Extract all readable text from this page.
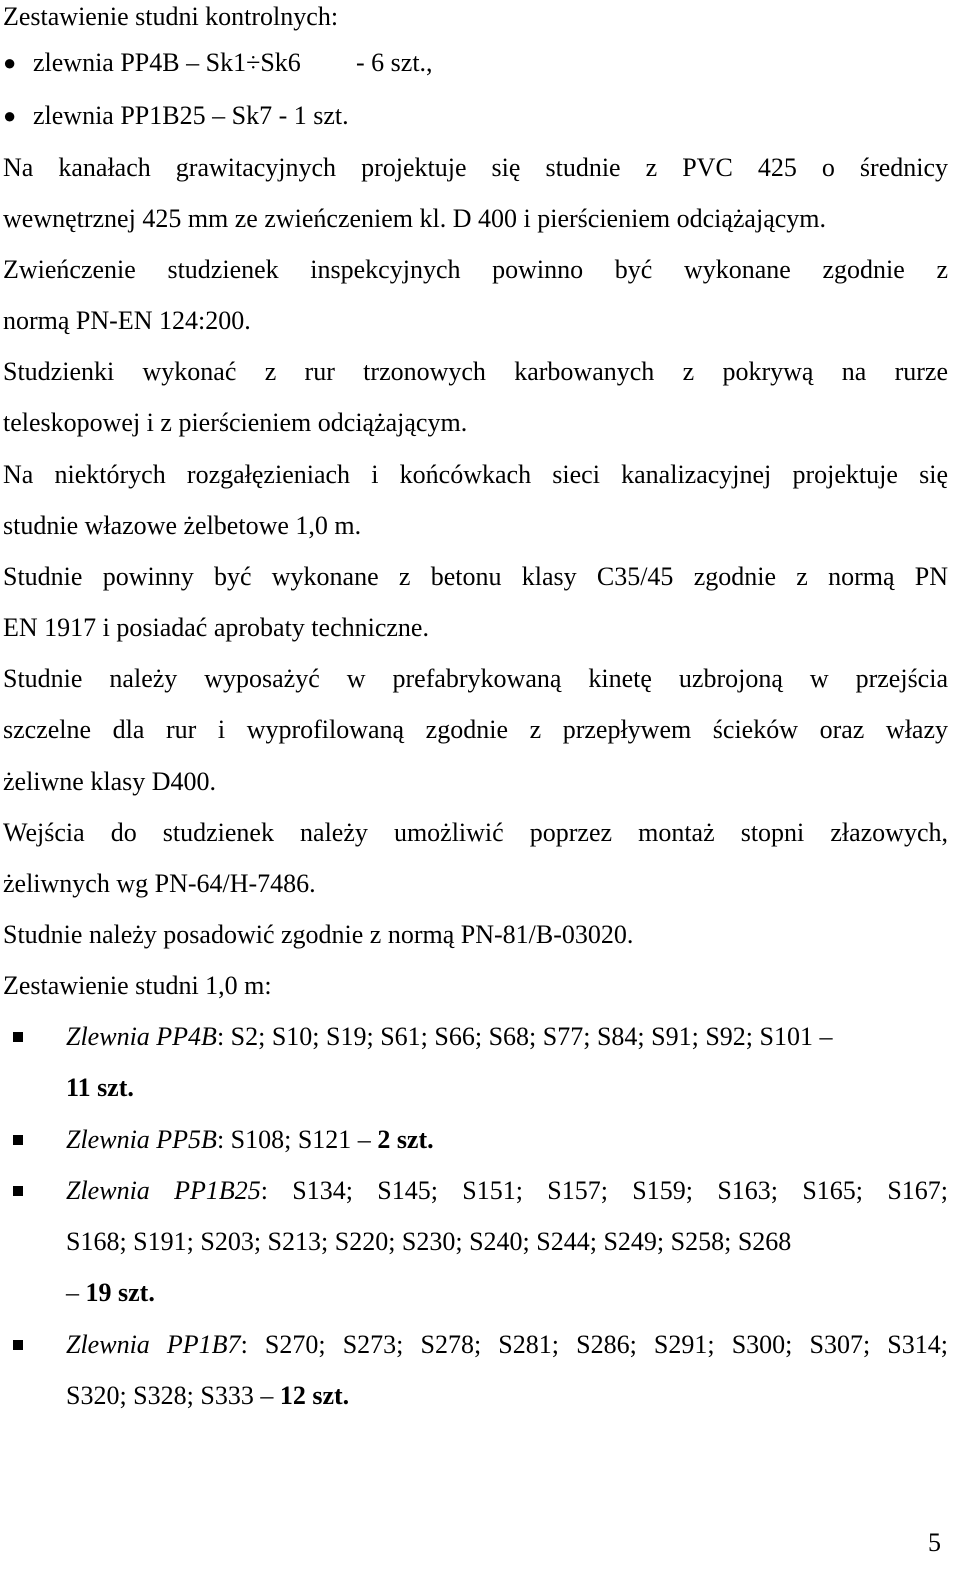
Zestawienie studni kontrolnych:
● zlewnia PP4B – Sk1÷Sk6 - 6 szt.,
● zlewnia PP1B25 – Sk7 - 1 szt.
Na kanałach grawitacyjnych projektuje się studnie z PVC 425 o średnicy
wewnętrznej 425 mm ze zwieńczeniem kl. D 400 i pierścieniem odciążającym.
Zwieńczenie studzienek inspekcyjnych powinno być wykonane zgodnie z
normą PN-EN 124:200.
Studzienki wykonać z rur trzonowych karbowanych z pokrywą na rurze
teleskopowej i z pierścieniem odciążającym.
Na niektórych rozgałęzieniach i końcówkach sieci kanalizacyjnej projektuje się
studnie włazowe żelbetowe 1,0 m.
Studnie powinny być wykonane z betonu klasy C35/45 zgodnie z normą PN
EN 1917 i posiadać aprobaty techniczne.
Studnie należy wyposażyć w prefabrykowaną kinetę uzbrojoną w przejścia
szczelne dla rur i wyprofilowaną zgodnie z przepływem ścieków oraz włazy
żeliwne klasy D400.
Wejścia do studzienek należy umożliwić poprzez montaż stopni złazowych,
żeliwnych wg PN-64/H-7486.
Studnie należy posadowić zgodnie z normą PN-81/B-03020.
Zestawienie studni 1,0 m:
Zlewnia PP4B: S2; S10; S19; S61; S66; S68; S77; S84; S91; S92; S101 –
11 szt.
Zlewnia PP5B: S108; S121 – 2 szt.
Zlewnia PP1B25: S134; S145; S151; S157; S159; S163; S165; S167;
S168; S191; S203; S213; S220; S230; S240; S244; S249; S258; S268
– 19 szt.
Zlewnia PP1B7: S270; S273; S278; S281; S286; S291; S300; S307; S314;
S320; S328; S333 – 12 szt.
5
